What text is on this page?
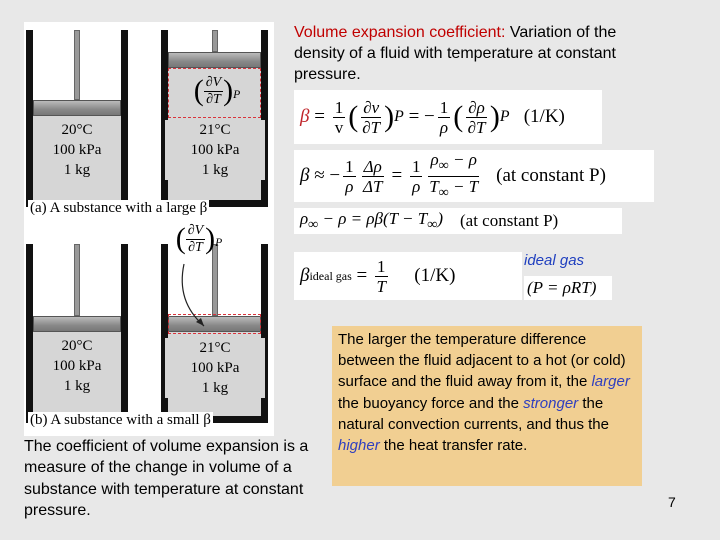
20°C
100 kPa
1 kg
( $\frac{\partial V}{\partial T} )_P$
21°C
100 kPa
1 kg
(a) A substance with a large β
20°C
100 kPa
1 kg
( $\frac{\partial V}{\partial T} )_P$
21°C
100 kPa
1 kg
(b) A substance with a small β
Volume expansion coefficient: Variation of the density of a fluid with temperature at constant pressure.
β = 1
v ( ∂v
∂T ) P = − 1
ρ ( ∂ρ
∂T ) P
(1/K)
β ≈ − 1
ρ
Δρ
ΔT = 1
ρ
$\rho_\infty - \rho$
$T_\infty - T$
(at constant P)
$\rho_\infty - \rho = \rho\beta(T - T_\infty)$
(at constant P)
ideal gas
β ideal gas = 1
T
(1/K)
(P = ρRT)
The larger the temperature difference between the fluid adjacent to a hot (or cold) surface and the fluid away from it, the larger the buoyancy force and the stronger the natural convection currents, and thus the higher the heat transfer rate.
The coefficient of volume expansion is a measure of the change in volume of a substance with temperature at constant pressure.
7
